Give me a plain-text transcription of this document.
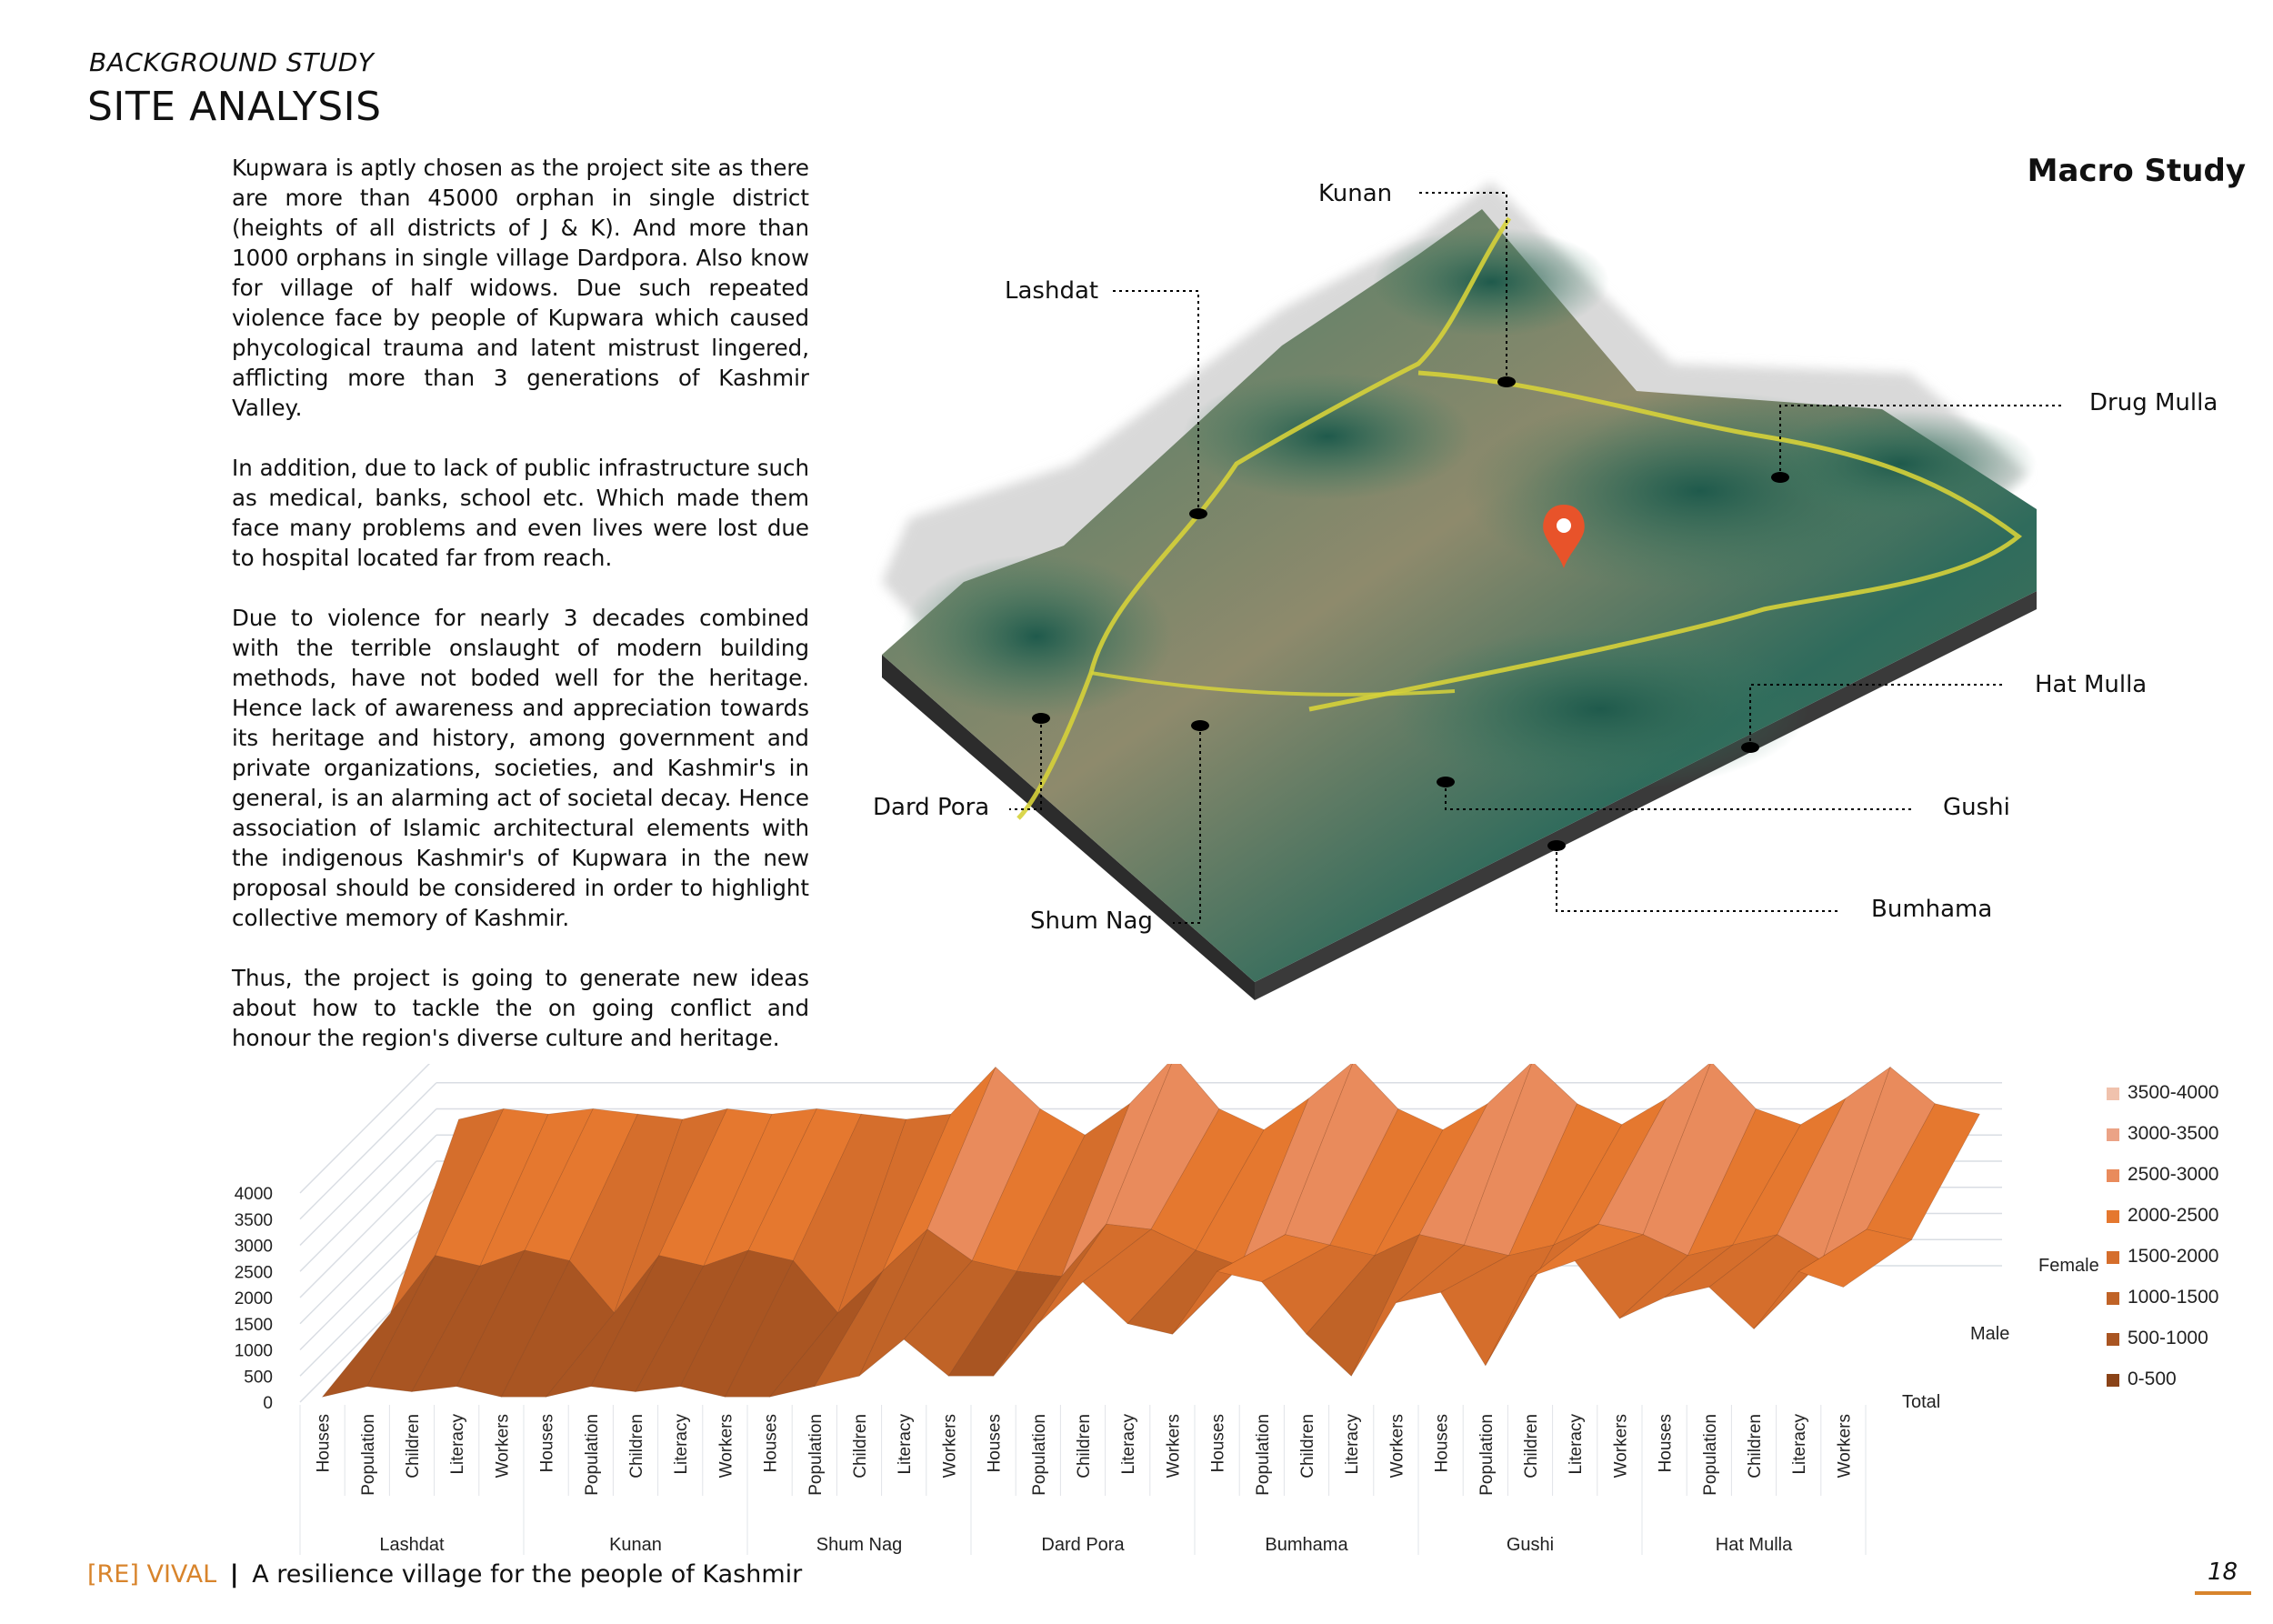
BACKGROUND STUDY
SITE ANALYSIS

Kupwara is aptly chosen as the project site as there are more than 45000 orphan in single district (heights of all districts of J & K). And more than 1000 orphans in single village Dardpora. Also know for village of half widows. Due such repeated violence face by people of Kupwara which caused phycological trauma and latent mistrust lingered, afflicting more than 3 generations of Kashmir Valley.

In addition, due to lack of public infrastructure such as medical, banks, school etc. Which made them face many problems and even lives were lost due to hospital located far from reach.

Due to violence for nearly 3 decades combined with the terrible onslaught of modern building methods, have not boded well for the heritage. Hence lack of awareness and appreciation towards its heritage and history, among government and private organizations, societies, and Kashmir's in general, is an alarming act of societal decay. Hence association of Islamic architectural elements with the indigenous Kashmir's of Kupwara in the new proposal should be considered in order to highlight collective memory of Kashmir.

Thus, the project is going to generate new ideas about how to tackle the on going conflict and honour the region's diverse culture and heritage.

Macro Study
Kunan
Lashdat
Drug Mulla
Hat Mulla
Gushi
Dard Pora
Shum Nag	Bumhama
0
500
1000
1500
2000
2500
3000
3500
4000
Total
Male
Female
Houses Population Children Literacy Workers Houses Population Children Literacy Workers Houses Population Children Literacy Workers Houses Population Children Literacy Workers Houses Population Children Literacy Workers Houses Population Children Literacy Workers Houses Population Children Literacy Workers
Lashdat	Kunan	Shum Nag	Dard Pora	Bumhama	Gushi	Hat Mulla
3500-4000
3000-3500
2500-3000
2000-2500
1500-2000
1000-1500
500-1000
0-500
[RE] VIVAL | A resilience village for the people of Kashmir	18
